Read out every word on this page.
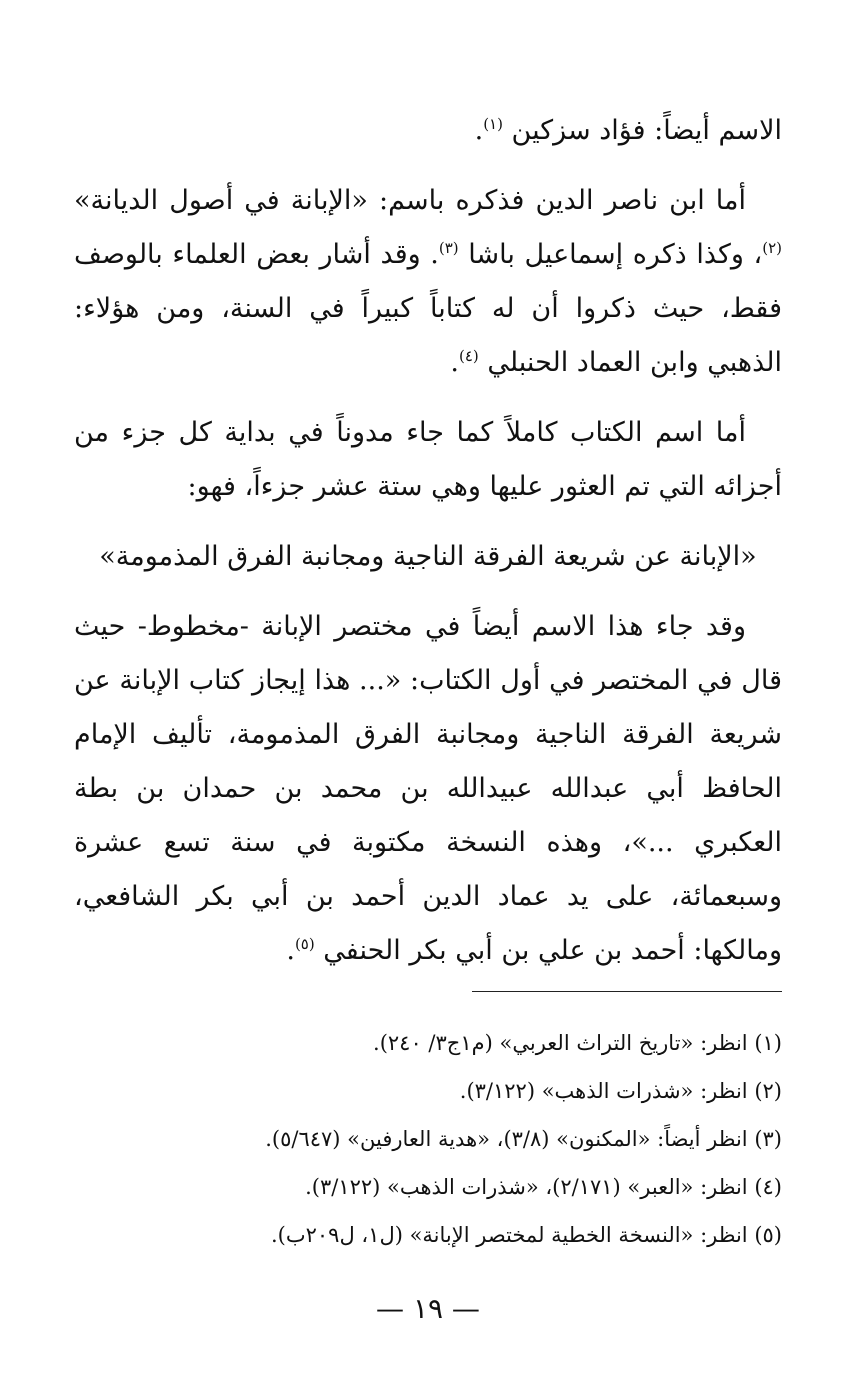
الاسم أيضاً: فؤاد سزكين $^{(١)}$.

أما ابن ناصر الدين فذكره باسم: «الإبانة في أصول الديانة» $^{(٢)}$، وكذا ذكره إسماعيل باشا $^{(٣)}$. وقد أشار بعض العلماء بالوصف فقط، حيث ذكروا أن له كتاباً كبيراً في السنة، ومن هؤلاء: الذهبي وابن العماد الحنبلي $^{(٤)}$.

أما اسم الكتاب كاملاً كما جاء مدوناً في بداية كل جزء من أجزائه التي تم العثور عليها وهي ستة عشر جزءاً، فهو:

«الإبانة عن شريعة الفرقة الناجية ومجانبة الفرق المذمومة»

وقد جاء هذا الاسم أيضاً في مختصر الإبانة -مخطوط- حيث قال في المختصر في أول الكتاب: «... هذا إيجاز كتاب الإبانة عن شريعة الفرقة الناجية ومجانبة الفرق المذمومة، تأليف الإمام الحافظ أبي عبدالله عبيدالله بن محمد بن حمدان بن بطة العكبري ...»، وهذه النسخة مكتوبة في سنة تسع عشرة وسبعمائة، على يد عماد الدين أحمد بن أبي بكر الشافعي، ومالكها: أحمد بن علي بن أبي بكر الحنفي $^{(٥)}$.

(١) انظر: «تاريخ التراث العربي» (م١ج٣/ ٢٤٠).

(٢) انظر: «شذرات الذهب» (٣/١٢٢).

(٣) انظر أيضاً: «المكنون» (٣/٨)، «هدية العارفين» (٥/٦٤٧).

(٤) انظر: «العبر» (٢/١٧١)، «شذرات الذهب» (٣/١٢٢).

(٥) انظر: «النسخة الخطية لمختصر الإبانة» (ل١، ل٢٠٩ب).

— ١٩ —
